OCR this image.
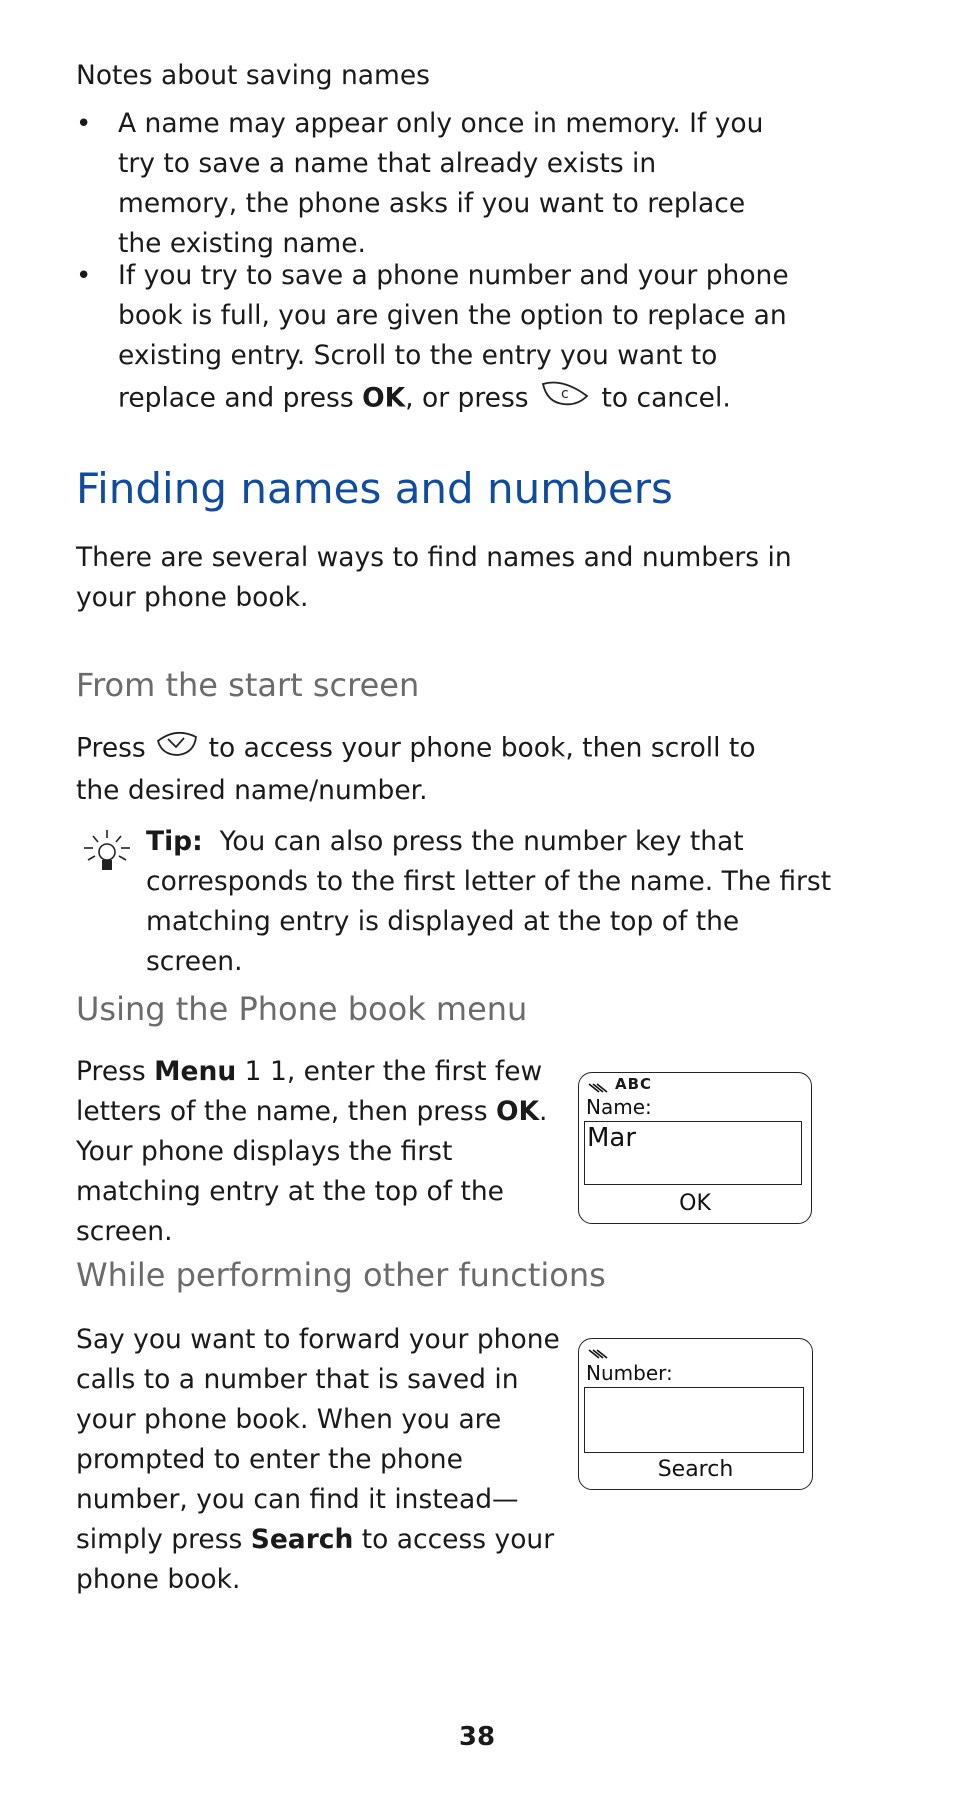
Notes about saving names
• A name may appear only once in memory. If you try to save a name that already exists in memory, the phone asks if you want to replace the existing name.
• If you try to save a phone number and your phone book is full, you are given the option to replace an existing entry. Scroll to the entry you want to replace and press OK, or press c to cancel.
Finding names and numbers
There are several ways to find names and numbers in your phone book.
From the start screen
Press to access your phone book, then scroll to the desired name/number.
Tip: You can also press the number key that corresponds to the first letter of the name. The first matching entry is displayed at the top of the screen.
Using the Phone book menu
Press Menu 1 1, enter the first few letters of the name, then press OK. Your phone displays the first matching entry at the top of the screen.
ABC
Name:
Mar
OK
While performing other functions
Say you want to forward your phone calls to a number that is saved in your phone book. When you are prompted to enter the phone number, you can find it instead—simply press Search to access your phone book.
Number:
Search
38
